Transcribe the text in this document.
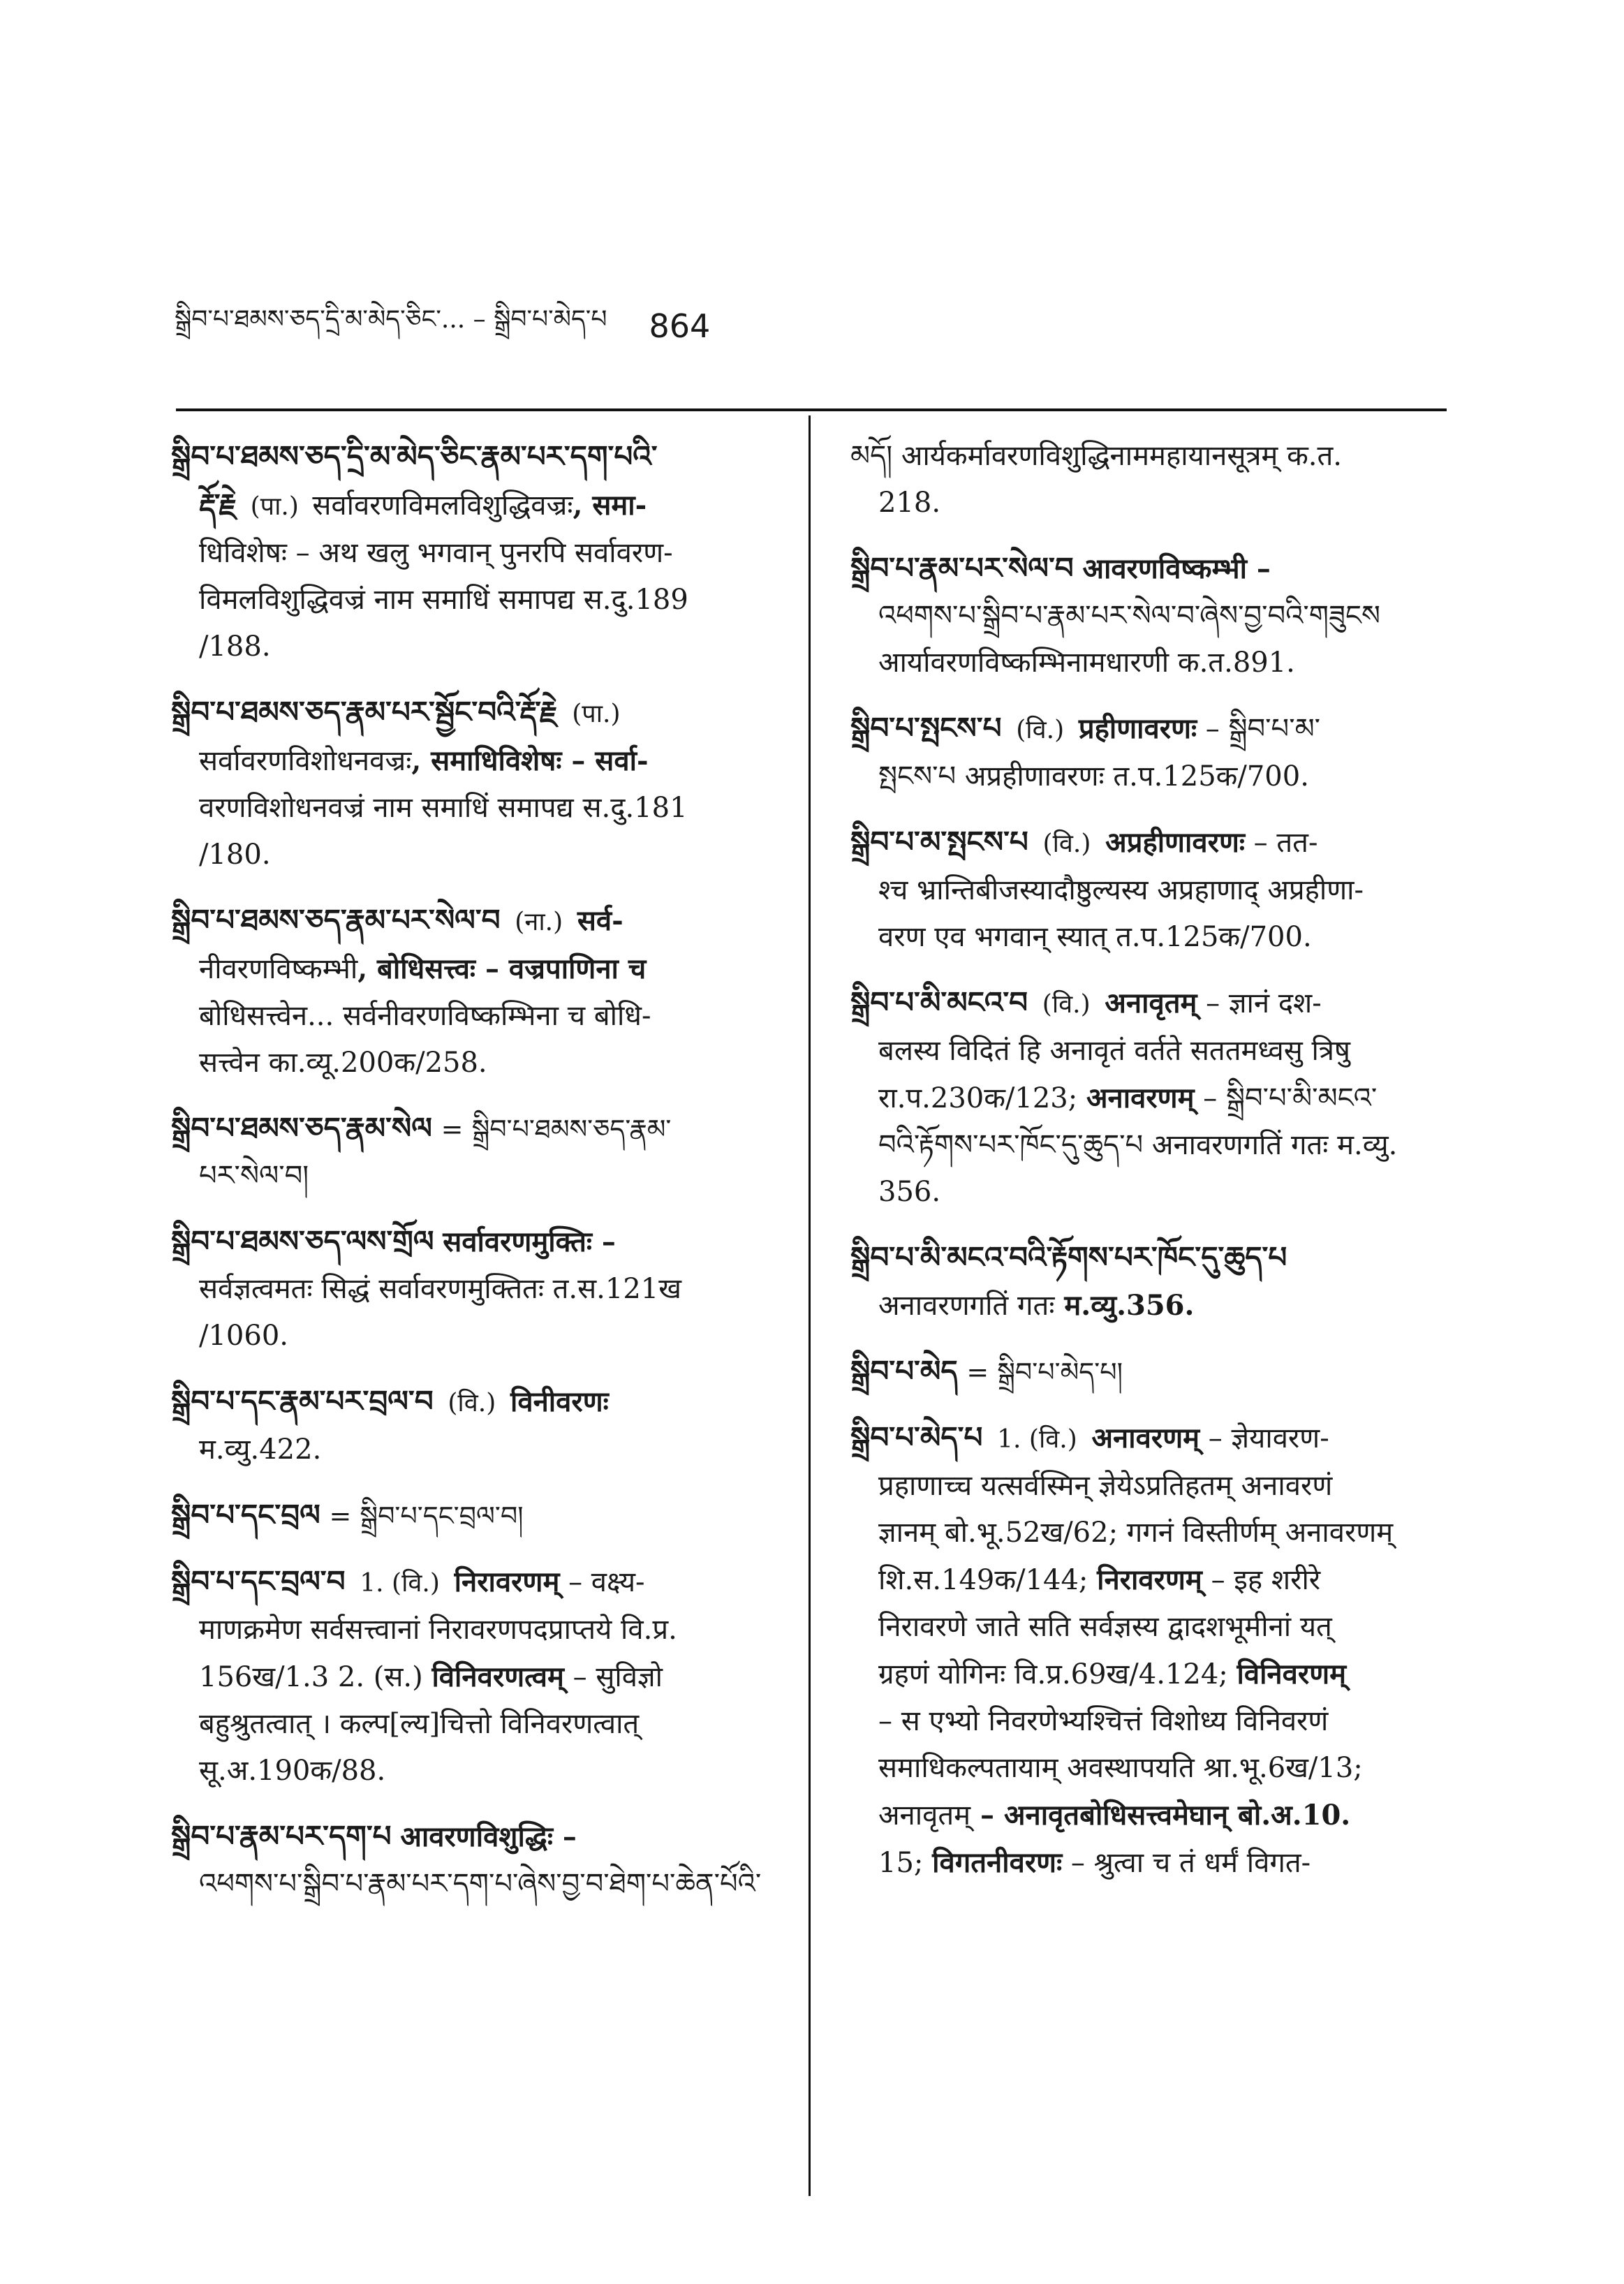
སྒྲིབ་པ་ཐམས་ཅད་དྲི་མ་མེད་ཅིང་... – སྒྲིབ་པ་མེད་པ 864
སྒྲིབ་པ་ཐམས་ཅད་དྲི་མ་མེད་ཅིང་རྣམ་པར་དག་པའི་
རྡོ་རྗེ (पा.) सर्वावरणविमलविशुद्धिवज्रः, समा-
धिविशेषः – अथ खलु भगवान् पुनरपि सर्वावरण-
विमलविशुद्धिवज्रं नाम समाधिं समापद्य स.दु.189
/188.
སྒྲིབ་པ་ཐམས་ཅད་རྣམ་པར་སྦྱོང་བའི་རྡོ་རྗེ (पा.)
सर्वावरणविशोधनवज्रः, समाधिविशेषः – सर्वा-
वरणविशोधनवज्रं नाम समाधिं समापद्य स.दु.181
/180.
སྒྲིབ་པ་ཐམས་ཅད་རྣམ་པར་སེལ་བ (ना.) सर्व-
नीवरणविष्कम्भी, बोधिसत्त्वः – वज्रपाणिना च
बोधिसत्त्वेन... सर्वनीवरणविष्कम्भिना च बोधि-
सत्त्वेन का.व्यू.200क/258.
སྒྲིབ་པ་ཐམས་ཅད་རྣམ་སེལ = སྒྲིབ་པ་ཐམས་ཅད་རྣམ་
པར་སེལ་བ།
སྒྲིབ་པ་ཐམས་ཅད་ལས་གྲོལ सर्वावरणमुक्तिः –
सर्वज्ञत्वमतः सिद्धं सर्वावरणमुक्तितः त.स.121ख
/1060.
སྒྲིབ་པ་དང་རྣམ་པར་བྲལ་བ (वि.) विनीवरणः
म.व्यु.422.
སྒྲིབ་པ་དང་བྲལ = སྒྲིབ་པ་དང་བྲལ་བ།
སྒྲིབ་པ་དང་བྲལ་བ 1. (वि.) निरावरणम् – वक्ष्य-
माणक्रमेण सर्वसत्त्वानां निरावरणपदप्राप्तये वि.प्र.
156ख/1.3 2. (स.) विनिवरणत्वम् – सुविज्ञो
बहुश्रुतत्वात् । कल्प[ल्य]चित्तो विनिवरणत्वात्
सू.अ.190क/88.
སྒྲིབ་པ་རྣམ་པར་དག་པ आवरणविशुद्धिः –
འཕགས་པ་སྒྲིབ་པ་རྣམ་པར་དག་པ་ཞེས་བྱ་བ་ཐེག་པ་ཆེན་པོའི་
མདོ། आर्यकर्मावरणविशुद्धिनाममहायानसूत्रम् क.त.
218.
སྒྲིབ་པ་རྣམ་པར་སེལ་བ आवरणविष्कम्भी –
འཕགས་པ་སྒྲིབ་པ་རྣམ་པར་སེལ་བ་ཞེས་བྱ་བའི་གཟུངས
आर्यावरणविष्कम्भिनामधारणी क.त.891.
སྒྲིབ་པ་སྤངས་པ (वि.) प्रहीणावरणः – སྒྲིབ་པ་མ་
སྤངས་པ अप्रहीणावरणः त.प.125क/700.
སྒྲིབ་པ་མ་སྤངས་པ (वि.) अप्रहीणावरणः – तत-
श्च भ्रान्तिबीजस्यादौष्ठुल्यस्य अप्रहाणाद् अप्रहीणा-
वरण एव भगवान् स्यात् त.प.125क/700.
སྒྲིབ་པ་མི་མངའ་བ (वि.) अनावृतम् – ज्ञानं दश-
बलस्य विदितं हि अनावृतं वर्तते सततमध्वसु त्रिषु
रा.प.230क/123; अनावरणम् – སྒྲིབ་པ་མི་མངའ་
བའི་རྟོགས་པར་ཁོང་དུ་ཆུད་པ अनावरणगतिं गतः म.व्यु.
356.
སྒྲིབ་པ་མི་མངའ་བའི་རྟོགས་པར་ཁོང་དུ་ཆུད་པ
अनावरणगतिं गतः म.व्यु.356.
སྒྲིབ་པ་མེད = སྒྲིབ་པ་མེད་པ།
སྒྲིབ་པ་མེད་པ 1. (वि.) अनावरणम् – ज्ञेयावरण-
प्रहाणाच्च यत्सर्वस्मिन् ज्ञेयेऽप्रतिहतम् अनावरणं
ज्ञानम् बो.भू.52ख/62; गगनं विस्तीर्णम् अनावरणम्
शि.स.149क/144; निरावरणम् – इह शरीरे
निरावरणे जाते सति सर्वज्ञस्य द्वादशभूमीनां यत्
ग्रहणं योगिनः वि.प्र.69ख/4.124; विनिवरणम्
– स एभ्यो निवरणेभ्यश्चित्तं विशोध्य विनिवरणं
समाधिकल्पतायाम् अवस्थापयति श्रा.भू.6ख/13;
अनावृतम् – अनावृतबोधिसत्त्वमेघान् बो.अ.10.
15; विगतनीवरणः – श्रुत्वा च तं धर्मं विगत-
